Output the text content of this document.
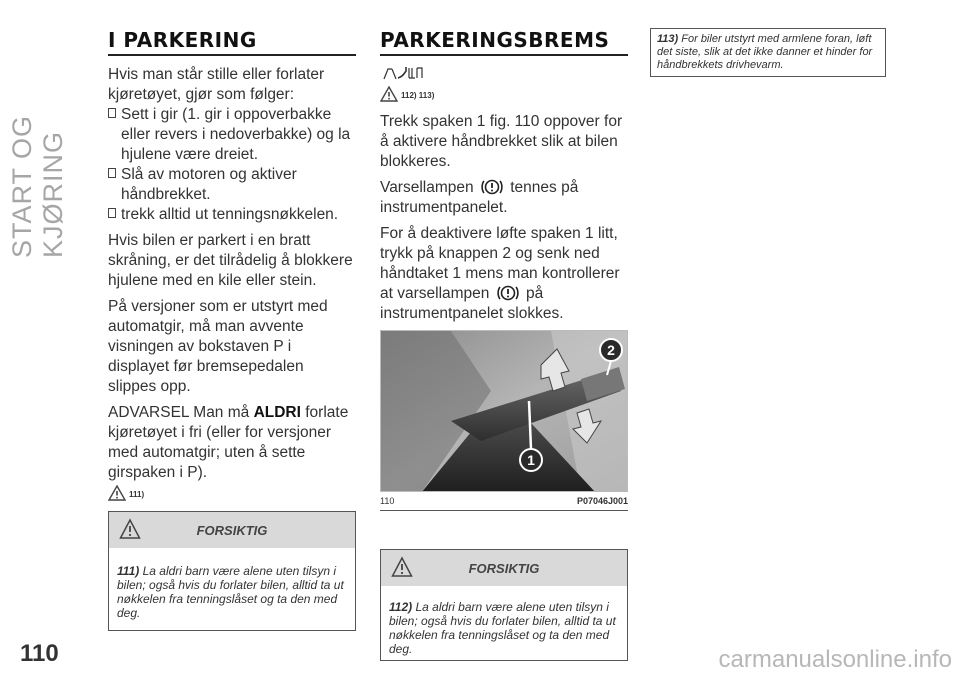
START OG KJØRING
110
I PARKERING
Hvis man står stille eller forlater kjøretøyet, gjør som følger:
Sett i gir (1. gir i oppoverbakke eller revers i nedoverbakke) og la hjulene være dreiet.
Slå av motoren og aktiver håndbrekket.
trekk alltid ut tenningsnøkkelen.
Hvis bilen er parkert i en bratt skråning, er det tilrådelig å blokkere hjulene med en kile eller stein.
På versjoner som er utstyrt med automatgir, må man avvente visningen av bokstaven P i displayet før bremsepedalen slippes opp.
ADVARSEL Man må ALDRI forlate kjøretøyet i fri (eller for versjoner med automatgir; uten å sette girspaken i P).
111)
FORSIKTIG
111) La aldri barn være alene uten tilsyn i bilen; også hvis du forlater bilen, alltid ta ut nøkkelen fra tenningslåset og ta den med deg.
PARKERINGSBREMS
112) 113)
Trekk spaken 1 fig. 110 oppover for å aktivere håndbrekket slik at bilen blokkeres.
Varsellampen  tennes på instrumentpanelet.
For å deaktivere løfte spaken 1 litt, trykk på knappen 2 og senk ned håndtaket 1 mens man kontrollerer at varsellampen  på instrumentpanelet slokkes.
1
2
110	P07046J001
FORSIKTIG
112) La aldri barn være alene uten tilsyn i bilen; også hvis du forlater bilen, alltid ta ut nøkkelen fra tenningslåset og ta den med deg.
113) For biler utstyrt med armlene foran, løft det siste, slik at det ikke danner et hinder for håndbrekkets drivhevarm.
carmanualsonline.info
